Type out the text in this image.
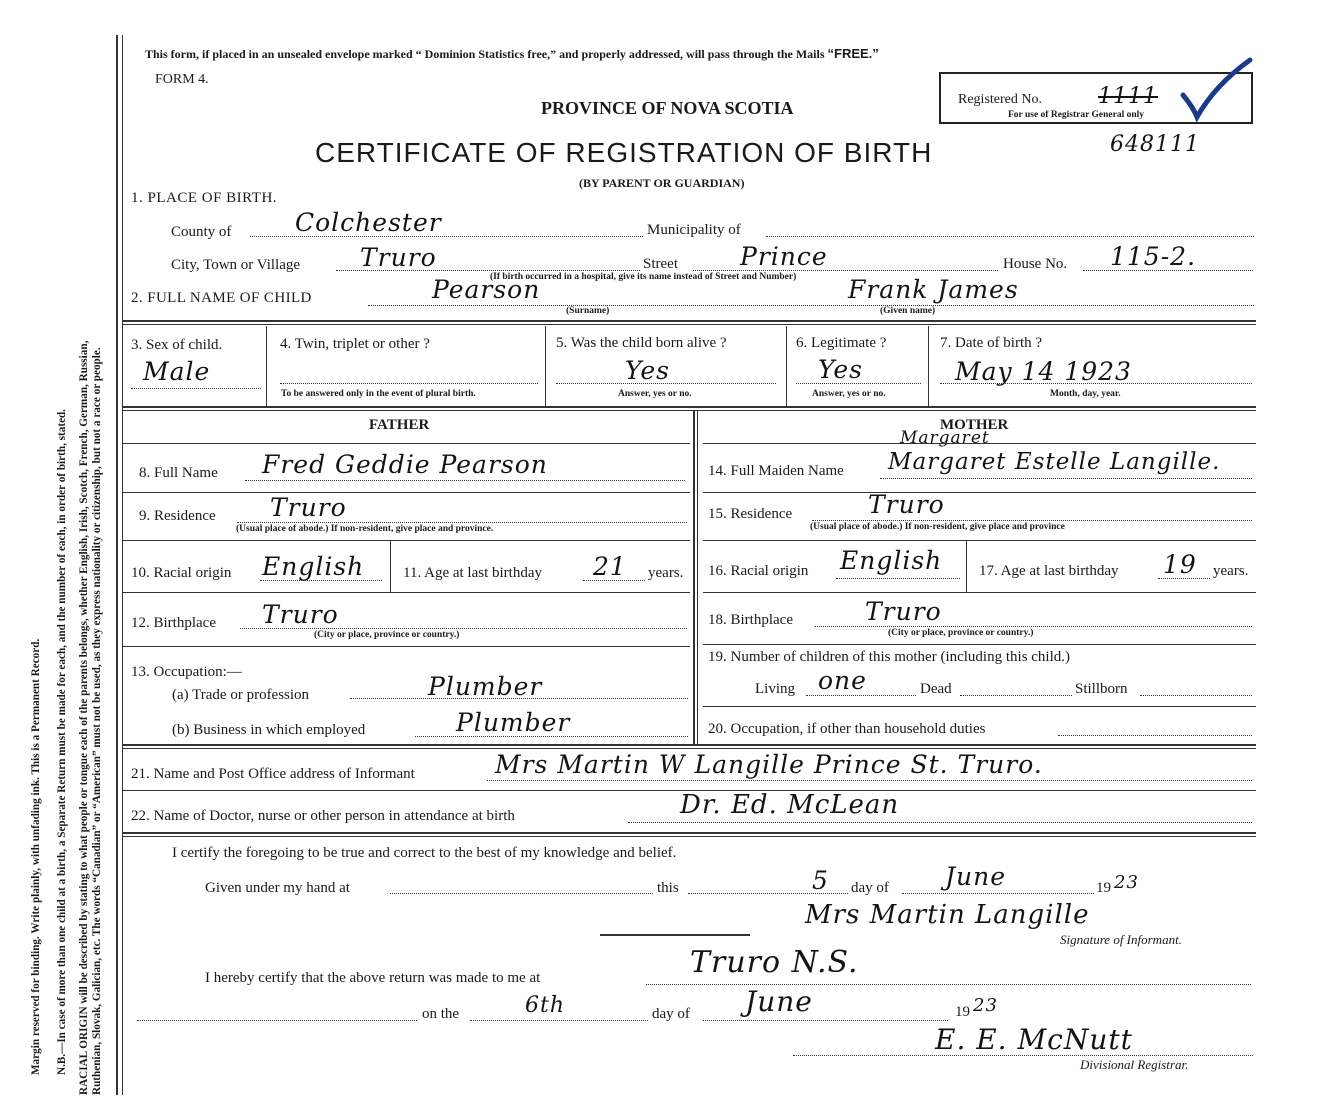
Margin reserved for binding. Write plainly, with unfading ink. This is a Permanent Record. N.B.—In case of more than one child at a birth, a Separate Return must be made for each, and the number of each, in order of birth, stated. RACIAL ORIGIN will be described by stating to what people or tongue each of the parents belongs, whether English, Irish, Scotch, French, German, Russian, Ruthenian, Slovak, Galician, etc. The words “Canadian” or “American” must not be used, as they express nationality or citizenship, but not a race or people.
This form, if placed in an unsealed envelope marked “ Dominion Statistics free,” and properly addressed, will pass through the Mails “FREE.”
FORM 4.
PROVINCE OF NOVA SCOTIA	Registered No.	1111
For use of Registrar General only
CERTIFICATE OF REGISTRATION OF BIRTH	648111
(BY PARENT OR GUARDIAN)
1. PLACE OF BIRTH.
County of	Colchester	Municipality of
City, Town or Village Truro	Street Prince	House No. 115-2.
(If birth occurred in a hospital, give its name instead of Street and Number)
2. FULL NAME OF CHILD	Pearson	Frank James
(Surname)	(Given name)
3. Sex of child.
Male
4. Twin, triplet or other ?
To be answered only in the event of plural birth.
5. Was the child born alive ?
Yes
Answer, yes or no.
6. Legitimate ?
Yes
Answer, yes or no.
7. Date of birth ?
May 14 1923
Month, day, year.
FATHER
8. Full Name Fred Geddie Pearson
9. Residence Truro
(Usual place of abode.) If non-resident, give place and province.
10. Racial origin English	11. Age at last birthday 21 years.
12. Birthplace Truro
(City or place, province or country.)
13. Occupation:—
(a) Trade or profession	Plumber
(b) Business in which employed	Plumber
MOTHER
Margaret
14. Full Maiden Name Margaret Estelle Langille.
15. Residence	Truro
(Usual place of abode.) If non-resident, give place and province
16. Racial origin English 17. Age at last birthday 19 years.
18. Birthplace	Truro
(City or place, province or country.)
19. Number of children of this mother (including this child.)
Living one	Dead	Stillborn
20. Occupation, if other than household duties
21. Name and Post Office address of Informant	Mrs Martin W Langille Prince St. Truro.
22. Name of Doctor, nurse or other person in attendance at birth	Dr. Ed. McLean
I certify the foregoing to be true and correct to the best of my knowledge and belief.
Given under my hand at	this	5 day of June	19 23
Mrs Martin Langille
Signature of Informant.
I hereby certify that the above return was made to me at	Truro N.S.
on the	6th	day of June	19 23
E. E. McNutt
Divisional Registrar.
